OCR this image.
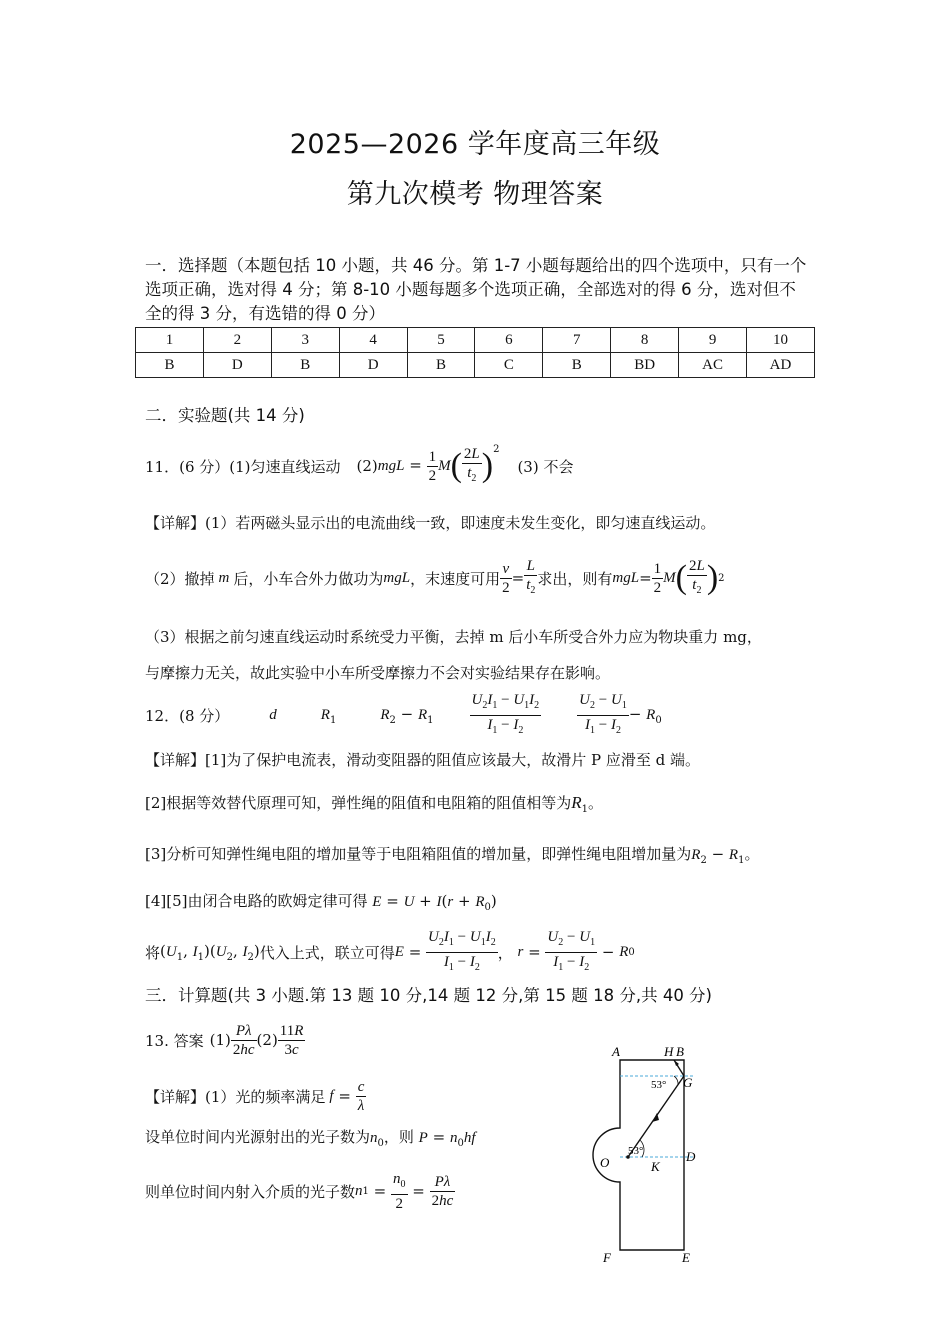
2025—2026 学年度高三年级
第九次模考 物理答案
一．选择题（本题包括 10 小题，共 46 分。第 1-7 小题每题给出的四个选项中，只有一个选项正确，选对得 4 分；第 8-10 小题每题多个选项正确，全部选对的得 6 分，选对但不全的得 3 分，有选错的得 0 分）
1	2	3	4	5	6	7	8	9	10
B	D	B	D	B	C	B	BD	AC	AD
二．实验题(共 14 分)
11．(6 分） (1)匀速直线运动 (2) mgL = $\frac{1}{2} M( \frac{2L}{t_2} )^2$
(3) 不会
【详解】(1）若两磁头显示出的电流曲线一致，即速度未发生变化，即匀速直线运动。
（2）撤掉 m 后，小车合外力做功为 mgL ，末速度可用 $\frac{v}{2} = \frac{L}{t_2}$ 求出，则有 mgL = $\frac{1}{2}$ M ( $\frac{2L}{t_2}$ ) 2
（3）根据之前匀速直线运动时系统受力平衡，去掉 m 后小车所受合外力应为物块重力 mg，
与摩擦力无关，故此实验中小车所受摩擦力不会对实验结果存在影响。
12．(8 分）	d	$R_1$	$R_2 - R_1 \frac{U_2I_1 - U_1I_2}{I_1 - I_2} \frac{U_2 - U_1}{I_1 - I_2} - R_0$
【详解】[1]为了保护电流表，滑动变阻器的阻值应该最大，故滑片 P 应滑至 d 端。
[2]根据等效替代原理可知，弹性绳的阻值和电阻箱的阻值相等为$R_1$。
[3]分析可知弹性绳电阻的增加量等于电阻箱阻值的增加量，即弹性绳电阻增加量为$R_2 - R_1$。
[4][5]由闭合电路的欧姆定律可得 $E = U + I(r + R_0)$
将 ($U_1$, $I_1)(U_2$, $I_2$) 代入上式，联立可得 $E = \frac{U_2I_1 - U_1I_2}{I_1 - I_2}$ ， $r = \frac{U_2 - U_1}{I_1 - I_2} - R$ 0
三．计算题(共 3 小题.第 13 题 10 分,14 题 12 分,第 15 题 18 分,共 40 分)
13. 答案 $(1) \frac{P\lambda}{2hc} (2) \frac{11R}{3c}$
【详解】(1）光的频率满足 $f = \frac{c}{\lambda}$
设单位时间内光源射出的光子数为$n_0$，则 $P = n_0hf$
则单位时间内射入介质的光子数 n $1 = \frac{n_0}{2} = \frac{P\lambda}{2hc}$
A	H B
G
D
O	K
F	E
53°
53°
